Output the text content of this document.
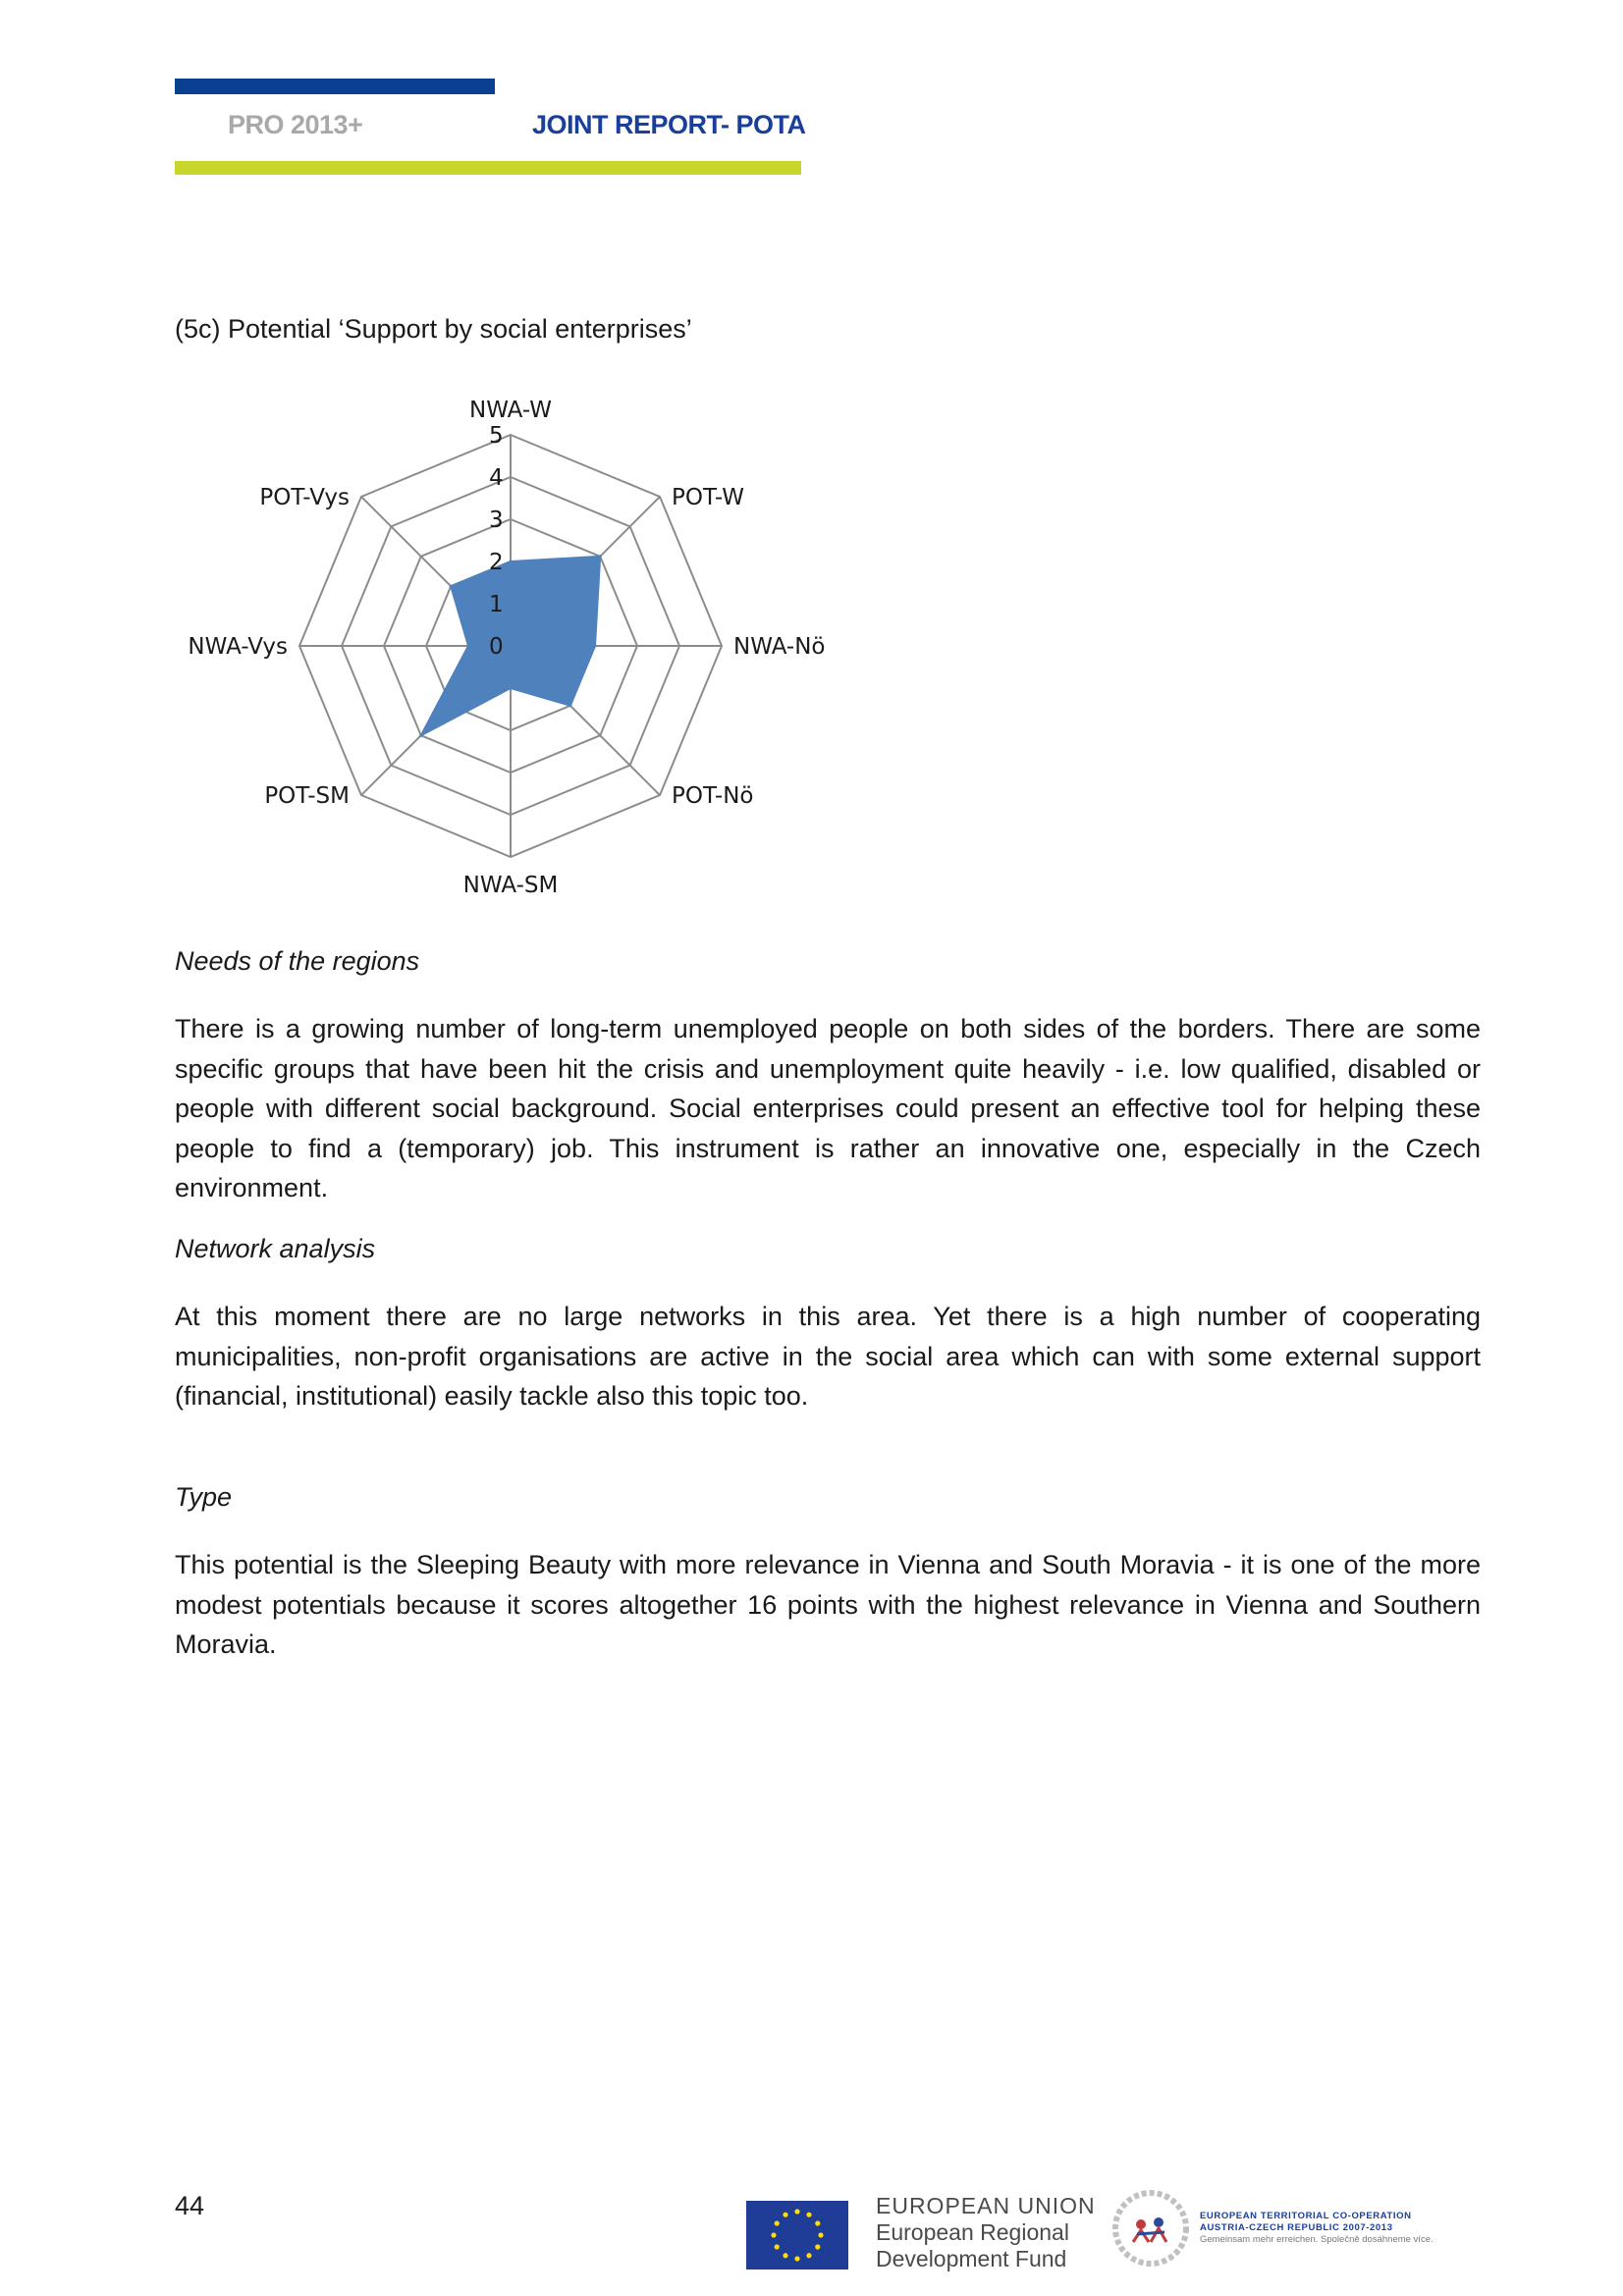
PRO 2013+	JOINT REPORT- POTA
(5c) Potential ‘Support by social enterprises’
0
1
2
3
4
5
NWA-W
POT-W
NWA-Nö
POT-Nö
NWA-SM
POT-SM
NWA-Vys
POT-Vys
Needs of the regions
There is a growing number of long-term unemployed people on both sides of the borders. There are some specific groups that have been hit the crisis and unemployment quite heavily - i.e. low qualified, disabled or people with different social background. Social enterprises could present an effective tool for helping these people to find a (temporary) job. This instrument is rather an innovative one, especially in the Czech environment.
Network analysis
At this moment there are no large networks in this area. Yet there is a high number of cooperating municipalities, non-profit organisations are active in the social area which can with some external support (financial, institutional) easily tackle also this topic too.
Type
This potential is the Sleeping Beauty with more relevance in Vienna and South Moravia - it is one of the more modest potentials because it scores altogether 16 points with the highest relevance in Vienna and Southern Moravia.
44	EUROPEAN UNION
European Regional
Development Fund
EUROPEAN TERRITORIAL CO-OPERATION
AUSTRIA-CZECH REPUBLIC 2007-2013
Gemeinsam mehr erreichen. Společně dosáhneme více.
